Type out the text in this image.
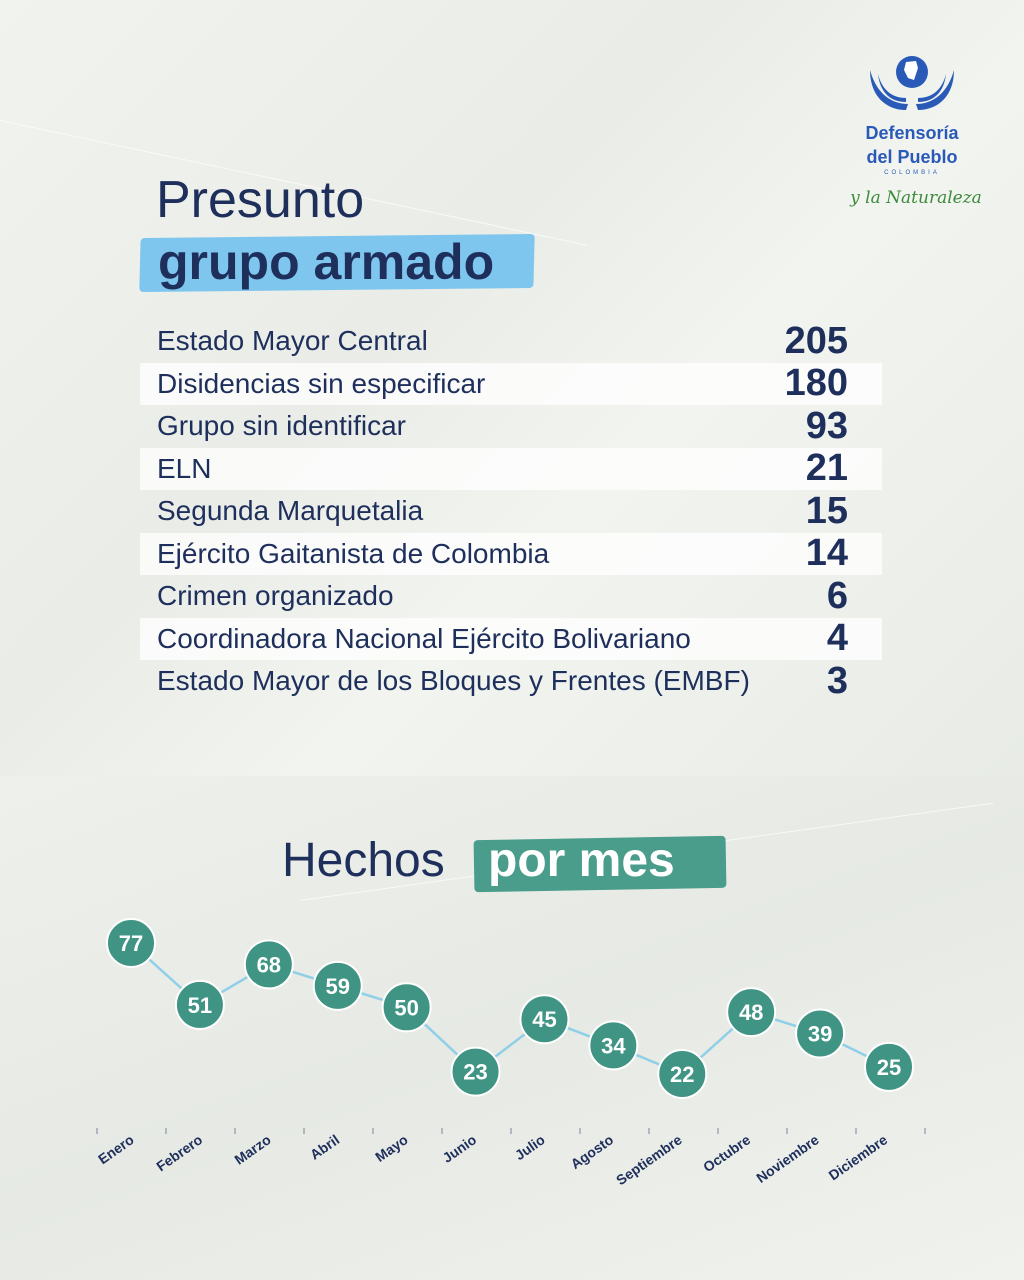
Defensoría
del Pueblo
COLOMBIA
y la Naturaleza
Presunto
grupo armado
Estado Mayor Central	205
Disidencias sin especificar	180
Grupo sin identificar	93
ELN	21
Segunda Marquetalia	15
Ejército Gaitanista de Colombia	14
Crimen organizado	6
Coordinadora Nacional Ejército Bolivariano	4
Estado Mayor de los Bloques y Frentes (EMBF) 3
Hechos por mes
77
51
68
59
50
23
45
34
22
48
39
25
Enero Febrero Marzo Abril Mayo Junio Julio Agosto
Septiembre Octubre Noviembre Diciembre
